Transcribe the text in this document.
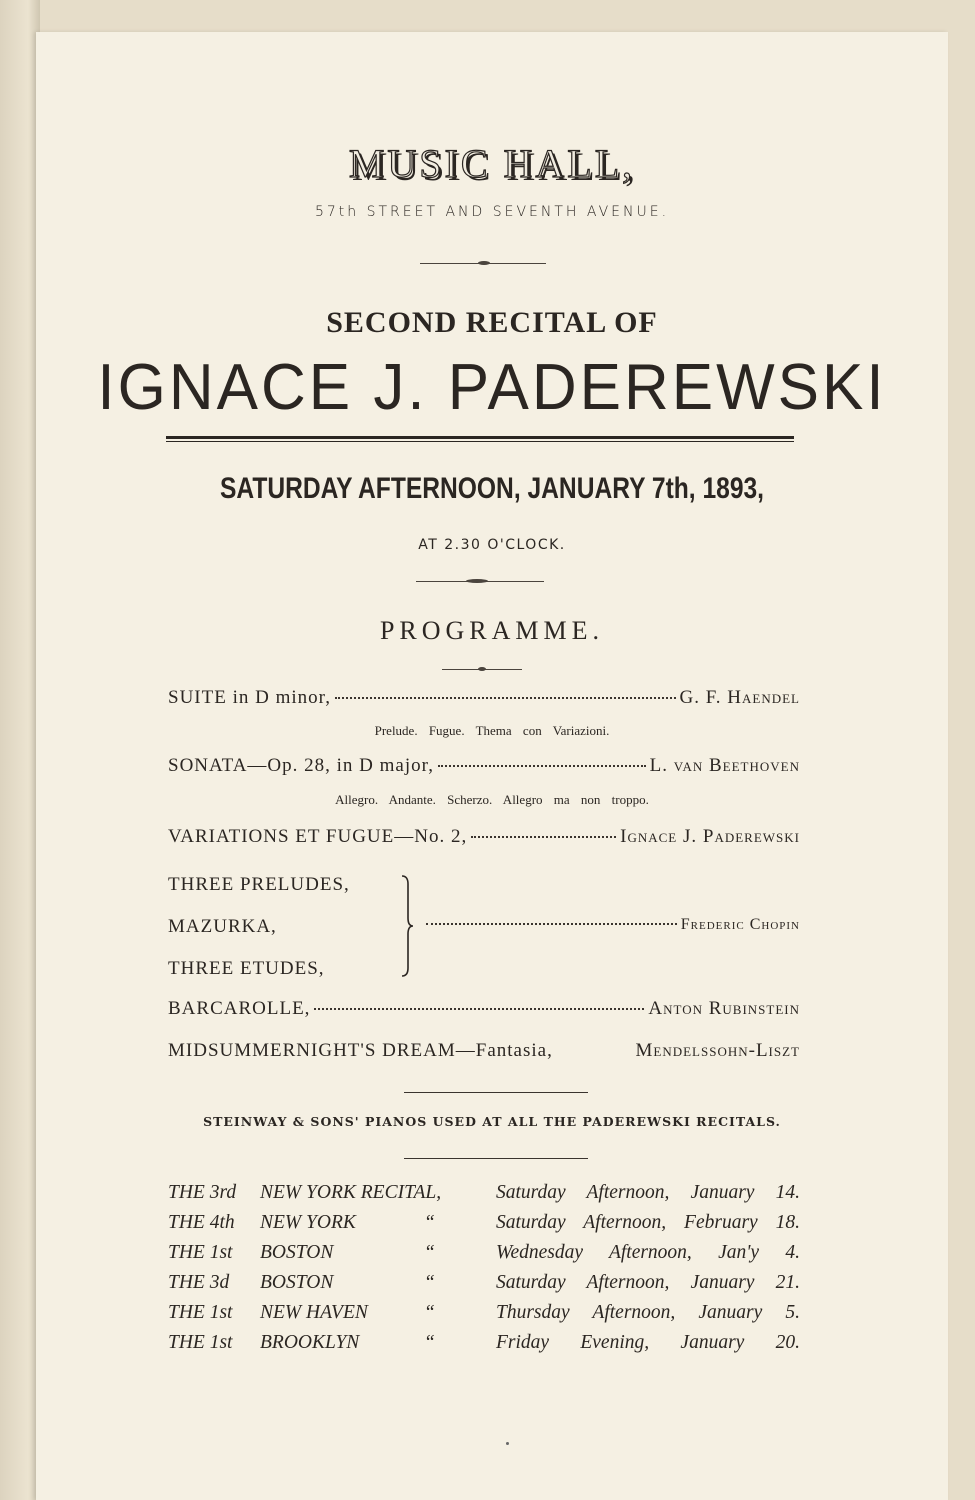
MUSIC HALL,
57th STREET AND SEVENTH AVENUE.
SECOND RECITAL OF
IGNACE J. PADEREWSKI
SATURDAY AFTERNOON, JANUARY 7th, 1893,
AT 2.30 O'CLOCK.
PROGRAMME.
SUITE in D minor,	G. F. Haendel
Prelude. Fugue. Thema con Variazioni.
SONATA—Op. 28, in D major,	L. van Beethoven
Allegro. Andante. Scherzo. Allegro ma non troppo.
VARIATIONS ET FUGUE—No. 2,	Ignace J. Paderewski
THREE PRELUDES,
MAZURKA,
THREE ETUDES,
Frederic Chopin
BARCAROLLE,	Anton Rubinstein
MIDSUMMERNIGHT'S DREAM—Fantasia,	Mendelssohn-Liszt
STEINWAY & SONS' PIANOS USED AT ALL THE PADEREWSKI RECITALS.
THE 3rd NEW YORK RECITAL,	Saturday Afternoon, January 14.
THE 4th NEW YORK	“	Saturday Afternoon, February 18.
THE 1st BOSTON	“	Wednesday Afternoon, Jan'y 4.
THE 3d BOSTON	“	Saturday Afternoon, January 21.
THE 1st NEW HAVEN	“	Thursday Afternoon, January 5.
THE 1st BROOKLYN	“	Friday Evening, January 20.
